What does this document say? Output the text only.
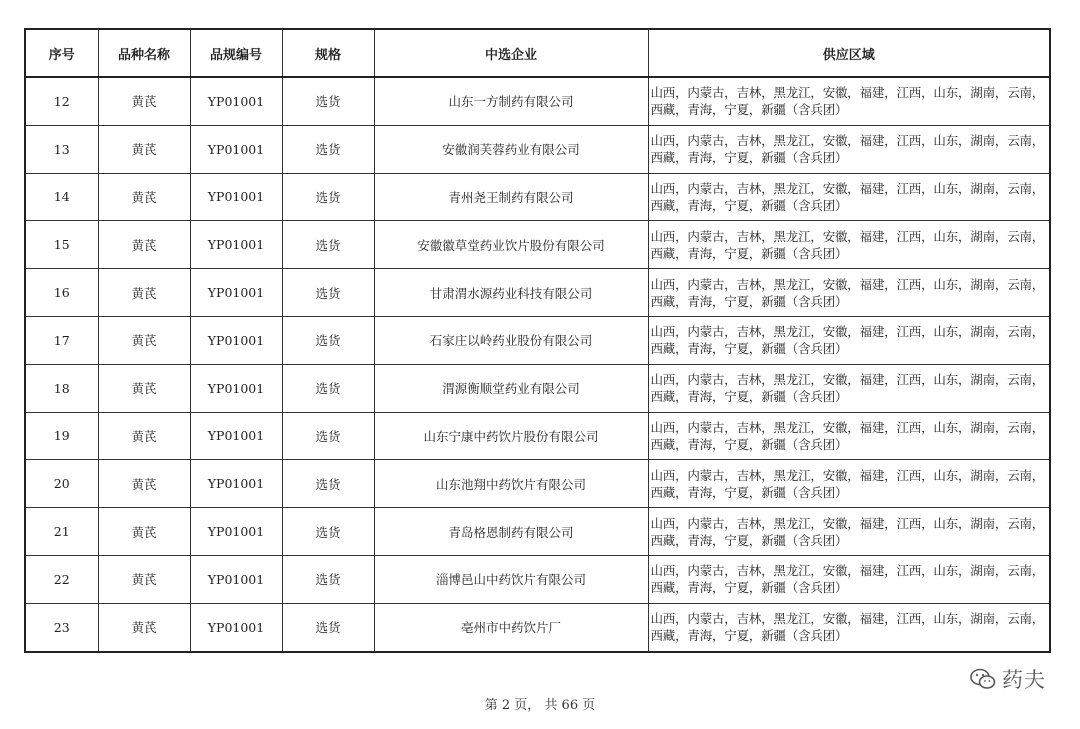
序号	品种名称	品规编号	规格	中选企业	供应区域
12	黄芪	YP01001	选货	山东一方制药有限公司	山西，内蒙古，吉林，黑龙江，安徽，福建，江西，山东，湖南，云南，西藏，青海，宁夏，新疆（含兵团）
13	黄芪	YP01001	选货	安徽润芙蓉药业有限公司	山西，内蒙古，吉林，黑龙江，安徽，福建，江西，山东，湖南，云南，西藏，青海，宁夏，新疆（含兵团）
14	黄芪	YP01001	选货	青州尧王制药有限公司	山西，内蒙古，吉林，黑龙江，安徽，福建，江西，山东，湖南，云南，西藏，青海，宁夏，新疆（含兵团）
15	黄芪	YP01001	选货	安徽徽草堂药业饮片股份有限公司	山西，内蒙古，吉林，黑龙江，安徽，福建，江西，山东，湖南，云南，西藏，青海，宁夏，新疆（含兵团）
16	黄芪	YP01001	选货	甘肃渭水源药业科技有限公司	山西，内蒙古，吉林，黑龙江，安徽，福建，江西，山东，湖南，云南，西藏，青海，宁夏，新疆（含兵团）
17	黄芪	YP01001	选货	石家庄以岭药业股份有限公司	山西，内蒙古，吉林，黑龙江，安徽，福建，江西，山东，湖南，云南，西藏，青海，宁夏，新疆（含兵团）
18	黄芪	YP01001	选货	渭源衡顺堂药业有限公司	山西，内蒙古，吉林，黑龙江，安徽，福建，江西，山东，湖南，云南，西藏，青海，宁夏，新疆（含兵团）
19	黄芪	YP01001	选货	山东宁康中药饮片股份有限公司	山西，内蒙古，吉林，黑龙江，安徽，福建，江西，山东，湖南，云南，西藏，青海，宁夏，新疆（含兵团）
20	黄芪	YP01001	选货	山东池翔中药饮片有限公司	山西，内蒙古，吉林，黑龙江，安徽，福建，江西，山东，湖南，云南，西藏，青海，宁夏，新疆（含兵团）
21	黄芪	YP01001	选货	青岛格恩制药有限公司	山西，内蒙古，吉林，黑龙江，安徽，福建，江西，山东，湖南，云南，西藏，青海，宁夏，新疆（含兵团）
22	黄芪	YP01001	选货	淄博邑山中药饮片有限公司	山西，内蒙古，吉林，黑龙江，安徽，福建，江西，山东，湖南，云南，西藏，青海，宁夏，新疆（含兵团）
23	黄芪	YP01001	选货	亳州市中药饮片厂	山西，内蒙古，吉林，黑龙江，安徽，福建，江西，山东，湖南，云南，西藏，青海，宁夏，新疆（含兵团）
第 2 页， 共 66 页
药夫
